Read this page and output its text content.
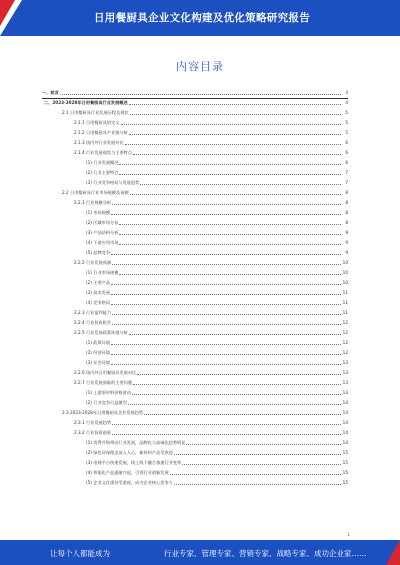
日用餐厨具企业文化构建及优化策略研究报告
内容目录
一、前言	4
二、2023-2028年日用餐厨具行业发展概述	4
2.1 日用餐厨具行业发展历程及现状	5
2.1.1 日用餐厨具的定义	5
2.1.2 日用餐厨具产业链分析	5
2.1.3 国内外行业发展对比	6
2.1.4 行业发展现状与主要特点	6
(1) 行业发展概况	6
(2) 行业主要特点	7
(3) 行业竞争格局与发展趋势	7
2.2 日用餐厨具行业市场规模及预测	8
2.2.1 行业规模分析	8
(1) 市场规模	8
(2) 区域市场分布	8
(3) 产品结构分析	9
(4) 下游应用市场	9
(5) 品牌竞争	9
2.2.2 行业发展预测	10
(1) 行业市场规模	10
(2) 主要产品	10
(3) 技术发展	11
(4) 竞争格局	11
2.2.3 行业盈利能力	11
2.2.4 行业投资机会	12
2.2.5 行业发展政策环境分析	12
(1) 政策环境	12
(2) 经济环境	12
(3) 社会环境	13
2.2.6 国内外日用餐厨具发展对比	13
2.2.7 行业发展面临的主要问题	13
(1) 上游原材料价格波动	13
(2) 行业竞争日益激烈	14
2.3 2023-2028年日用餐厨具企业发展趋势	14
2.3.1 行业发展趋势	14
2.3.2 行业投资前景	14
(1) 消费升级带动行业发展，品牌化与高端化趋势明显	14
(2) 绿色环保理念深入人心，新材料产品受欢迎	15
(3) 电商平台快速发展，线上线下融合加速行业变革	15
(4) 智能化产品逐渐兴起，引领行业创新发展	15
(5) 企业文化建设受重视，成为企业核心竞争力	15
1
让每个人都能成为	行业专家、管理专家、营销专家、战略专家、成功企业家……
